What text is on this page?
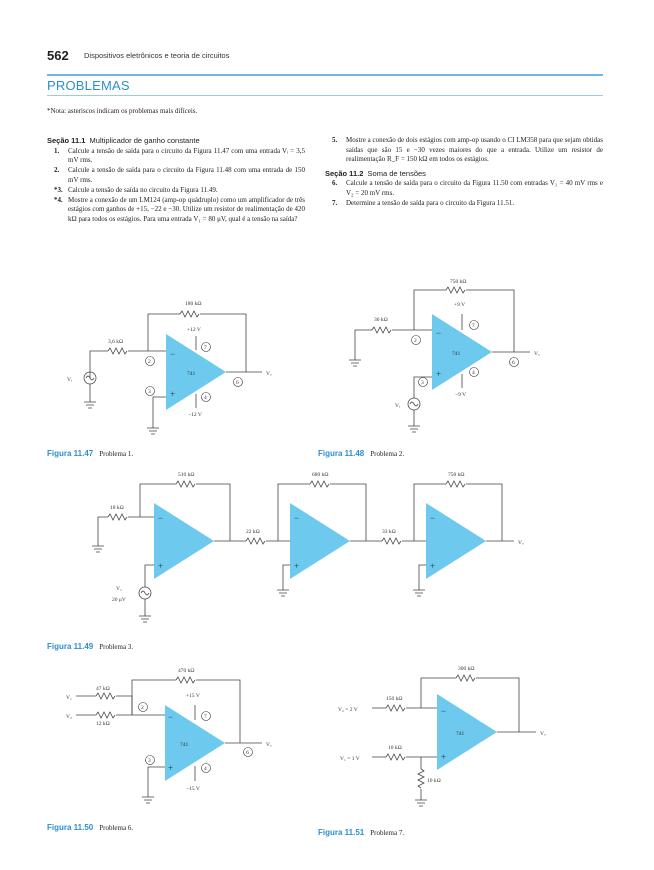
562 Dispositivos eletrônicos e teoria de circuitos
PROBLEMAS
*Nota: asteriscos indicam os problemas mais difíceis.
Seção 11.1 Multiplicador de ganho constante
1. Calcule a tensão de saída para o circuito da Figura 11.47 com uma entrada Vᵢ = 3,5 mV rms.
2. Calcule a tensão de saída para o circuito da Figura 11.48 com uma entrada de 150 mV rms.
*3. Calcule a tensão de saída no circuito da Figura 11.49.
*4. Mostre a conexão de um LM124 (amp-op quádruplo) como um amplificador de três estágios com ganhos de +15, −22 e −30. Utilize um resistor de realimentação de 420 kΩ para todos os estágios. Para uma entrada V₁ = 80 μV, qual é a tensão na saída?
5. Mostre a conexão de dois estágios com amp-op usando o CI LM358 para que sejam obtidas saídas que são 15 e −30 vezes maiores do que a entrada. Utilize um resistor de realimentação R_F = 150 kΩ em todos os estágios.
Seção 11.2 Soma de tensões
6. Calcule a tensão de saída para o circuito da Figura 11.50 com entradas V₁ = 40 mV rms e V₂ = 20 mV rms.
7. Determine a tensão de saída para o circuito da Figura 11.51.
741
−
+
180 kΩ
3,6 kΩ
Vᵢ
+12 V
−12 V
Vₒ
2
3
7
4
6
741
−
+
750 kΩ
36 kΩ
Vᵢ
+9 V
−9 V
Vₒ
2
3
7
4
6
−
+
−
+
−
+
510 kΩ
18 kΩ
V₁
20 μV
22 kΩ
680 kΩ
33 kΩ
750 kΩ
Vₒ
741
−
+
470 kΩ
47 kΩ
12 kΩ
V₁
V₂
+15 V
−15 V
Vₒ
2
3
7
4
6
741
−
+
300 kΩ
150 kΩ
V₂ = 2 V
10 kΩ
V₁ = 1 V
10 kΩ
Vₒ
Figura 11.47 Problema 1.	Figura 11.48 Problema 2.
Figura 11.49 Problema 3.
Figura 11.50 Problema 6.	Figura 11.51 Problema 7.
